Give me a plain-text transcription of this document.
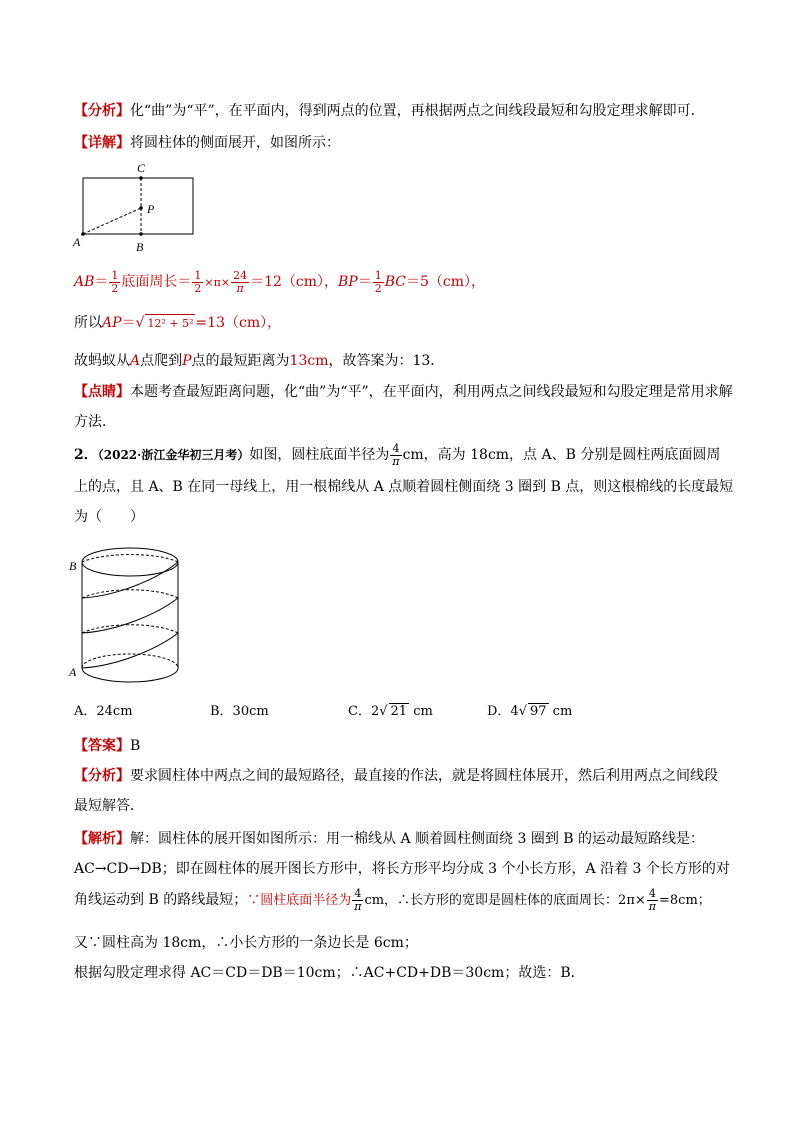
【分析】化“曲”为“平”，在平面内，得到两点的位置，再根据两点之间线段最短和勾股定理求解即可．
【详解】将圆柱体的侧面展开，如图所示：
C
P
A	B
$AB= \frac{1}{2}$ 底面周长＝ $\frac{1}{2} \times\pi\times \frac{24}{\pi} =12(cm)$，$BP= \frac{1}{2} BC=5(cm)$，
所以AP＝√ 12² + 5² =13（cm），
故蚂蚁从A点爬到P点的最短距离为13cm，故答案为：13．
【点睛】本题考查最短距离问题，化“曲”为“平”，在平面内，利用两点之间线段最短和勾股定理是常用求解
方法．
2．（2022·浙江金华初三月考）如图，圆柱底面半径为 $\frac{4}{\pi}$ cm，高为 18cm，点 A、B 分别是圆柱两底面圆周
上的点，且 A、B 在同一母线上，用一根棉线从 A 点顺着圆柱侧面绕 3 圈到 B 点，则这根棉线的长度最短
为（　　）
B
A
A．24cm	B．30cm	C．2√ 21 cm	D．4√ 97 cm
【答案】B
【分析】要求圆柱体中两点之间的最短路径，最直接的作法，就是将圆柱体展开，然后利用两点之间线段
最短解答．
【解析】解：圆柱体的展开图如图所示：用一棉线从 A 顺着圆柱侧面绕 3 圈到 B 的运动最短路线是：
AC→CD→DB；即在圆柱体的展开图长方形中，将长方形平均分成 3 个小长方形，A 沿着 3 个长方形的对
角线运动到 B 的路线最短；∵圆柱底面半径为 $\frac{4}{\pi}$ cm，∴长方形的宽即是圆柱体的底面周长：$2\pi\times \frac{4}{\pi} =8cm$；
又∵圆柱高为 18cm，∴小长方形的一条边长是 6cm；
根据勾股定理求得 AC＝CD＝DB＝10cm；∴AC+CD+DB＝30cm；故选：B．
